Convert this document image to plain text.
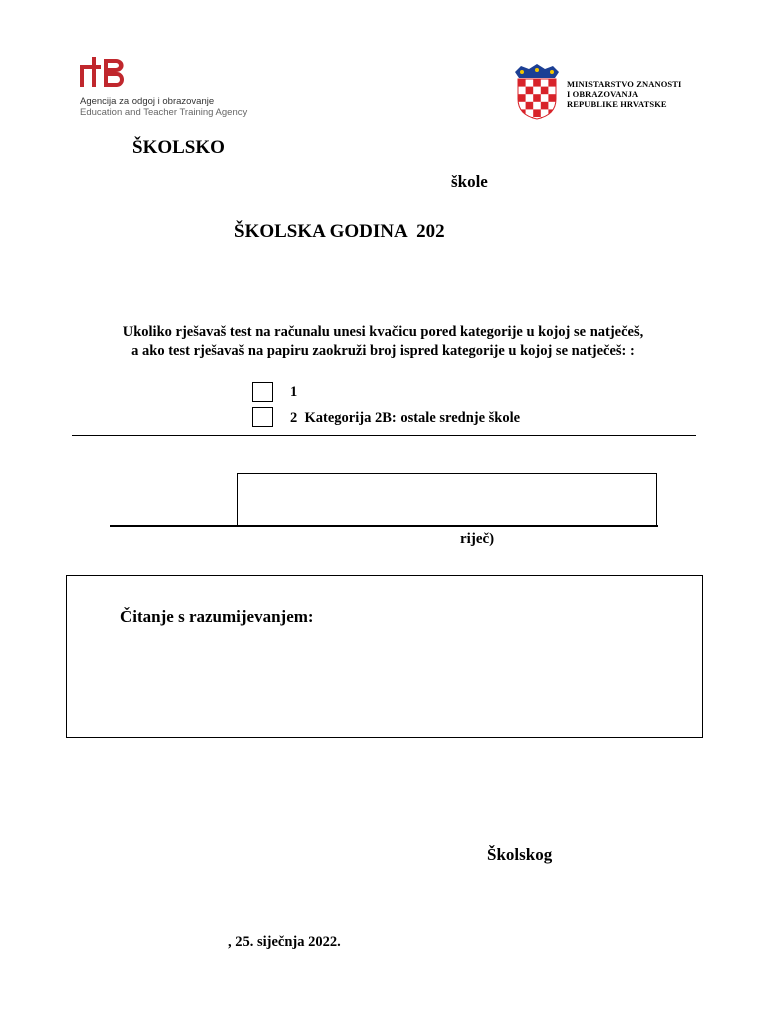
Agencija za odgoj i obrazovanje
Education and Teacher Training Agency
MINISTARSTVO ZNANOSTI
I OBRAZOVANJA
REPUBLIKE HRVATSKE
ŠKOLSKO
škole
ŠKOLSKA GODINA  202
Ukoliko rješavaš test na računalu unesi kvačicu pored kategorije u kojoj se natječeš, a ako test rješavaš na papiru zaokruži broj ispred kategorije u kojoj se natječeš: :
1
2 Kategorija 2B: ostale srednje škole
riječ)
Čitanje s razumijevanjem:
Školskog
, 25. siječnja 2022.
